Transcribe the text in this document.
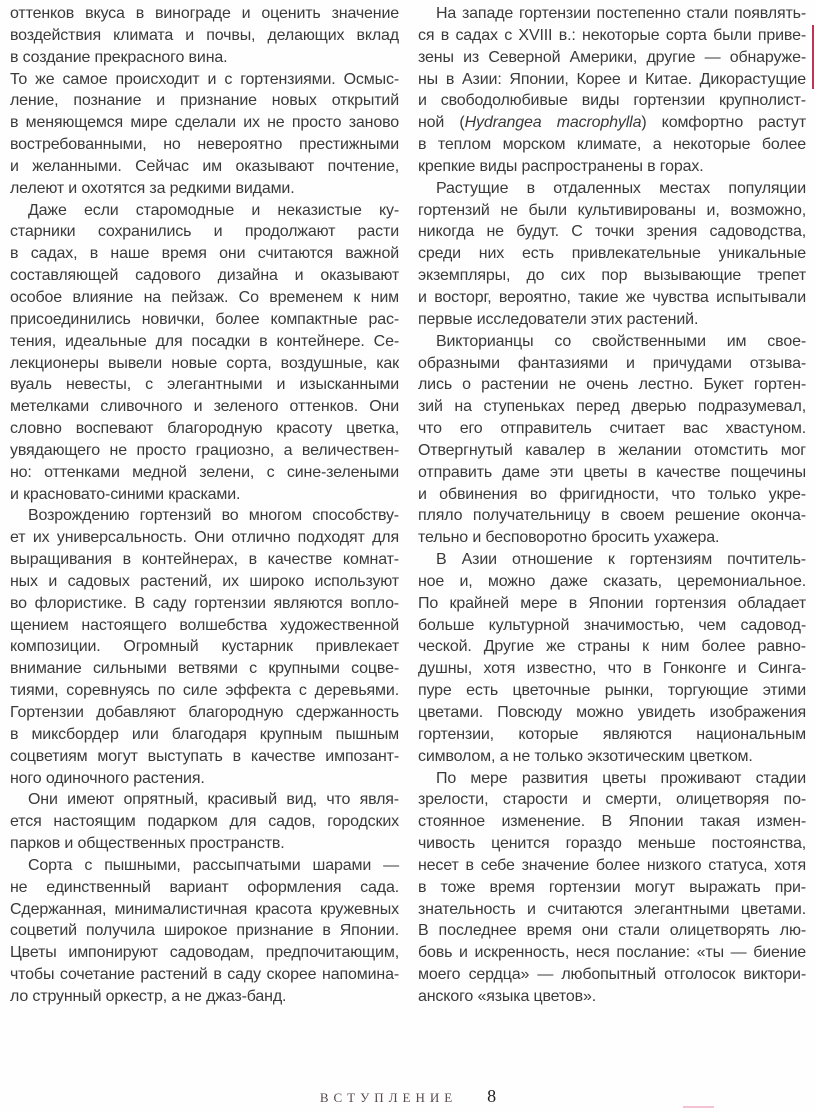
оттенков вкуса в винограде и оценить значение
воздействия климата и почвы, делающих вклад
в создание прекрасного вина.
То же самое происходит и с гортензиями. Осмыс-
ление, познание и признание новых открытий
в меняющемся мире сделали их не просто заново
востребованными, но невероятно престижными
и желанными. Сейчас им оказывают почтение,
лелеют и охотятся за редкими видами.
Даже если старомодные и неказистые ку-
старники сохранились и продолжают расти
в садах, в наше время они считаются важной
составляющей садового дизайна и оказывают
особое влияние на пейзаж. Со временем к ним
присоединились новички, более компактные рас-
тения, идеальные для посадки в контейнере. Се-
лекционеры вывели новые сорта, воздушные, как
вуаль невесты, с элегантными и изысканными
метелками сливочного и зеленого оттенков. Они
словно воспевают благородную красоту цветка,
увядающего не просто грациозно, а величествен-
но: оттенками медной зелени, с сине-зелеными
и красновато-синими красками.
Возрождению гортензий во многом способству-
ет их универсальность. Они отлично подходят для
выращивания в контейнерах, в качестве комнат-
ных и садовых растений, их широко используют
во флористике. В саду гортензии являются вопло-
щением настоящего волшебства художественной
композиции. Огромный кустарник привлекает
внимание сильными ветвями с крупными соцве-
тиями, соревнуясь по силе эффекта с деревьями.
Гортензии добавляют благородную сдержанность
в миксбордер или благодаря крупным пышным
соцветиям могут выступать в качестве импозант-
ного одиночного растения.
Они имеют опрятный, красивый вид, что явля-
ется настоящим подарком для садов, городских
парков и общественных пространств.
Сорта с пышными, рассыпчатыми шарами —
не единственный вариант оформления сада.
Сдержанная, минималистичная красота кружевных
соцветий получила широкое признание в Японии.
Цветы импонируют садоводам, предпочитающим,
чтобы сочетание растений в саду скорее напомина-
ло струнный оркестр, а не джаз-банд.
На западе гортензии постепенно стали появлять-
ся в садах с XVIII в.: некоторые сорта были приве-
зены из Северной Америки, другие — обнаруже-
ны в Азии: Японии, Корее и Китае. Дикорастущие
и свободолюбивые виды гортензии крупнолист-
ной (Hydrangea macrophylla) комфортно растут
в теплом морском климате, а некоторые более
крепкие виды распространены в горах.
Растущие в отдаленных местах популяции
гортензий не были культивированы и, возможно,
никогда не будут. С точки зрения садоводства,
среди них есть привлекательные уникальные
экземпляры, до сих пор вызывающие трепет
и восторг, вероятно, такие же чувства испытывали
первые исследователи этих растений.
Викторианцы со свойственными им свое-
образными фантазиями и причудами отзыва-
лись о растении не очень лестно. Букет гортен-
зий на ступеньках перед дверью подразумевал,
что его отправитель считает вас хвастуном.
Отвергнутый кавалер в желании отомстить мог
отправить даме эти цветы в качестве пощечины
и обвинения во фригидности, что только укре-
пляло получательницу в своем решение оконча-
тельно и бесповоротно бросить ухажера.
В Азии отношение к гортензиям почтитель-
ное и, можно даже сказать, церемониальное.
По крайней мере в Японии гортензия обладает
больше культурной значимостью, чем садовод-
ческой. Другие же страны к ним более равно-
душны, хотя известно, что в Гонконге и Синга-
пуре есть цветочные рынки, торгующие этими
цветами. Повсюду можно увидеть изображения
гортензии, которые являются национальным
символом, а не только экзотическим цветком.
По мере развития цветы проживают стадии
зрелости, старости и смерти, олицетворяя по-
стоянное изменение. В Японии такая измен-
чивость ценится гораздо меньше постоянства,
несет в себе значение более низкого статуса, хотя
в тоже время гортензии могут выражать при-
знательность и считаются элегантными цветами.
В последнее время они стали олицетворять лю-
бовь и искренность, неся послание: «ты — биение
моего сердца» — любопытный отголосок виктори-
анского «языка цветов».
ВСТУПЛЕНИЕ 8
